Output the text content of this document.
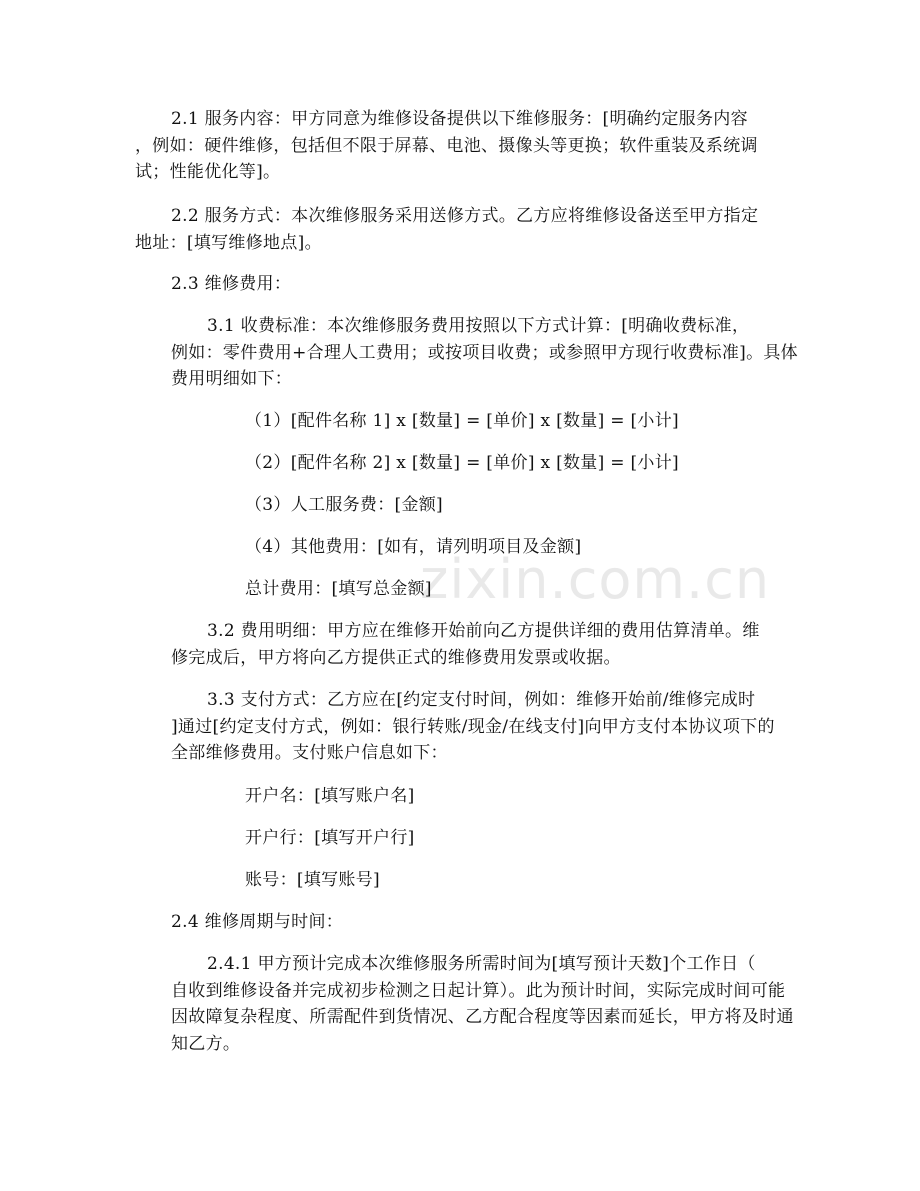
zixin.com.cn
2.1 服务内容：甲方同意为维修设备提供以下维修服务：[明确约定服务内容
，例如：硬件维修，包括但不限于屏幕、电池、摄像头等更换；软件重装及系统调
试；性能优化等]。
2.2 服务方式：本次维修服务采用送修方式。乙方应将维修设备送至甲方指定
地址：[填写维修地点]。
2.3 维修费用：
3.1 收费标准：本次维修服务费用按照以下方式计算：[明确收费标准，
例如：零件费用+合理人工费用；或按项目收费；或参照甲方现行收费标准]。具体
费用明细如下：
（1）[配件名称 1] x [数量] = [单价] x [数量] = [小计]
（2）[配件名称 2] x [数量] = [单价] x [数量] = [小计]
（3）人工服务费：[金额]
（4）其他费用：[如有，请列明项目及金额]
总计费用：[填写总金额]
3.2 费用明细：甲方应在维修开始前向乙方提供详细的费用估算清单。维
修完成后，甲方将向乙方提供正式的维修费用发票或收据。
3.3 支付方式：乙方应在[约定支付时间，例如：维修开始前/维修完成时
]通过[约定支付方式，例如：银行转账/现金/在线支付]向甲方支付本协议项下的
全部维修费用。支付账户信息如下：
开户名：[填写账户名]
开户行：[填写开户行]
账号：[填写账号]
2.4 维修周期与时间：
2.4.1 甲方预计完成本次维修服务所需时间为[填写预计天数]个工作日（
自收到维修设备并完成初步检测之日起计算）。此为预计时间，实际完成时间可能
因故障复杂程度、所需配件到货情况、乙方配合程度等因素而延长，甲方将及时通
知乙方。
